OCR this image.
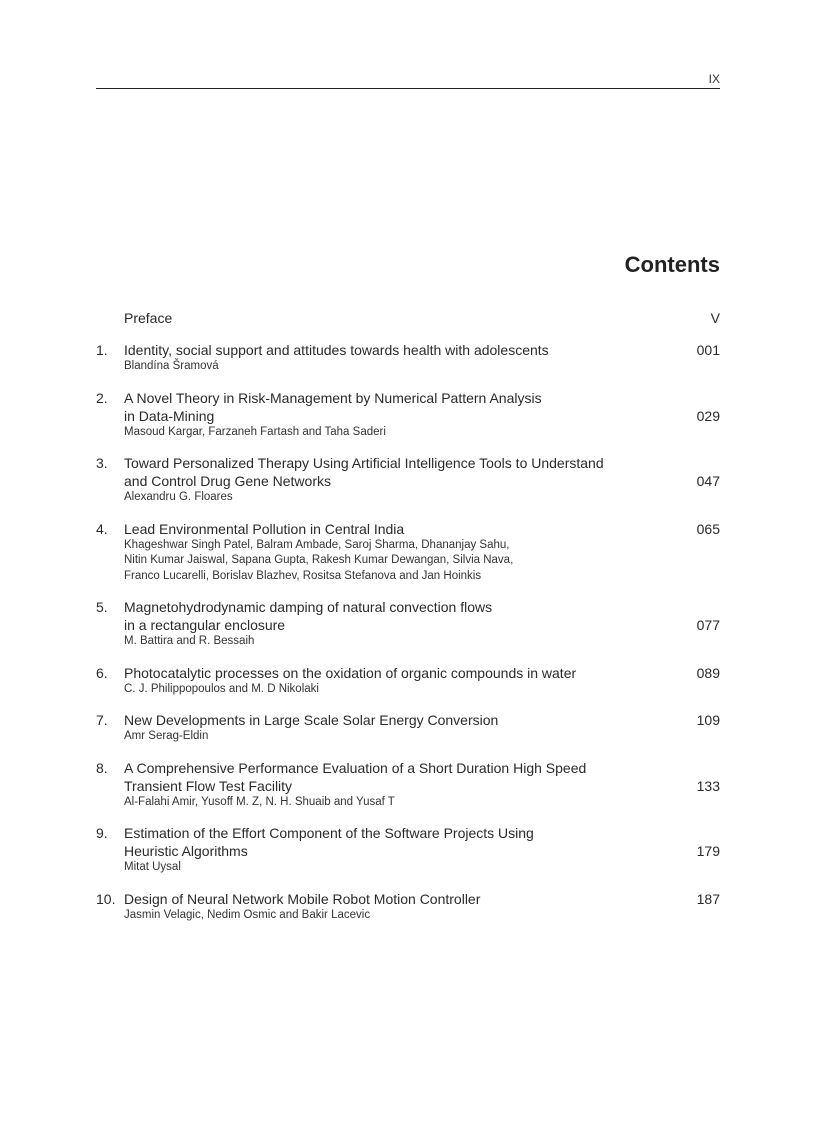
IX
Contents
Preface	V
1. Identity, social support and attitudes towards health with adolescents
Blandína Šramová
001
2. A Novel Theory in Risk-Management by Numerical Pattern Analysis
in Data-Mining
Masoud Kargar, Farzaneh Fartash and Taha Saderi
029
3. Toward Personalized Therapy Using Artificial Intelligence Tools to Understand
and Control Drug Gene Networks
Alexandru G. Floares
047
4. Lead Environmental Pollution in Central India
Khageshwar Singh Patel, Balram Ambade, Saroj Sharma, Dhananjay Sahu,
Nitin Kumar Jaiswal, Sapana Gupta, Rakesh Kumar Dewangan, Silvia Nava,
Franco Lucarelli, Borislav Blazhev, Rositsa Stefanova and Jan Hoinkis
065
5. Magnetohydrodynamic damping of natural convection flows
in a rectangular enclosure
M. Battira and R. Bessaih
077
6. Photocatalytic processes on the oxidation of organic compounds in water
C. J. Philippopoulos and M. D Nikolaki
089
7. New Developments in Large Scale Solar Energy Conversion
Amr Serag-Eldin
109
8. A Comprehensive Performance Evaluation of a Short Duration High Speed
Transient Flow Test Facility
Al-Falahi Amir, Yusoff M. Z, N. H. Shuaib and Yusaf T
133
9. Estimation of the Effort Component of the Software Projects Using
Heuristic Algorithms
Mitat Uysal
179
10. Design of Neural Network Mobile Robot Motion Controller
Jasmin Velagic, Nedim Osmic and Bakir Lacevic
187
